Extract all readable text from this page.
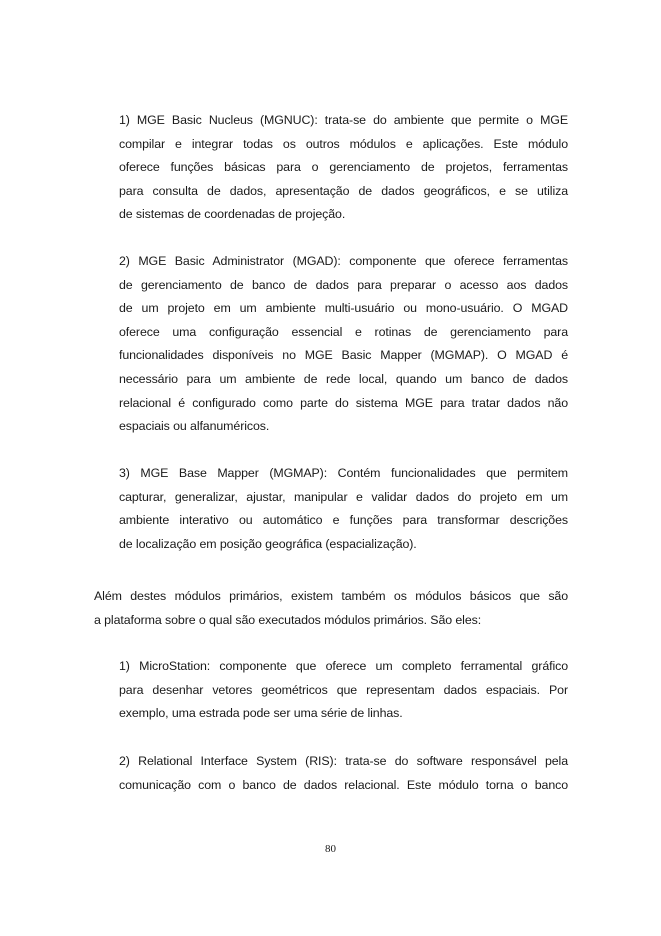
1) MGE Basic Nucleus (MGNUC): trata-se do ambiente que permite o MGE
compilar e integrar todas os outros módulos e aplicações. Este módulo
oferece funções básicas para o gerenciamento de projetos, ferramentas
para consulta de dados, apresentação de dados geográficos, e se utiliza
de sistemas de coordenadas de projeção.

2) MGE Basic Administrator (MGAD): componente que oferece ferramentas
de gerenciamento de banco de dados para preparar o acesso aos dados
de um projeto em um ambiente multi-usuário ou mono-usuário. O MGAD
oferece uma configuração essencial e rotinas de gerenciamento para
funcionalidades disponíveis no MGE Basic Mapper (MGMAP). O MGAD é
necessário para um ambiente de rede local, quando um banco de dados
relacional é configurado como parte do sistema MGE para tratar dados não
espaciais ou alfanuméricos.

3) MGE Base Mapper (MGMAP): Contém funcionalidades que permitem
capturar, generalizar, ajustar, manipular e validar dados do projeto em um
ambiente interativo ou automático e funções para transformar descrições
de localização em posição geográfica (espacialização).

Além destes módulos primários, existem também os módulos básicos que são
a plataforma sobre o qual são executados módulos primários. São eles:

1) MicroStation: componente que oferece um completo ferramental gráfico
para desenhar vetores geométricos que representam dados espaciais. Por
exemplo, uma estrada pode ser uma série de linhas.

2) Relational Interface System (RIS): trata-se do software responsável pela
comunicação com o banco de dados relacional. Este módulo torna o banco

80
